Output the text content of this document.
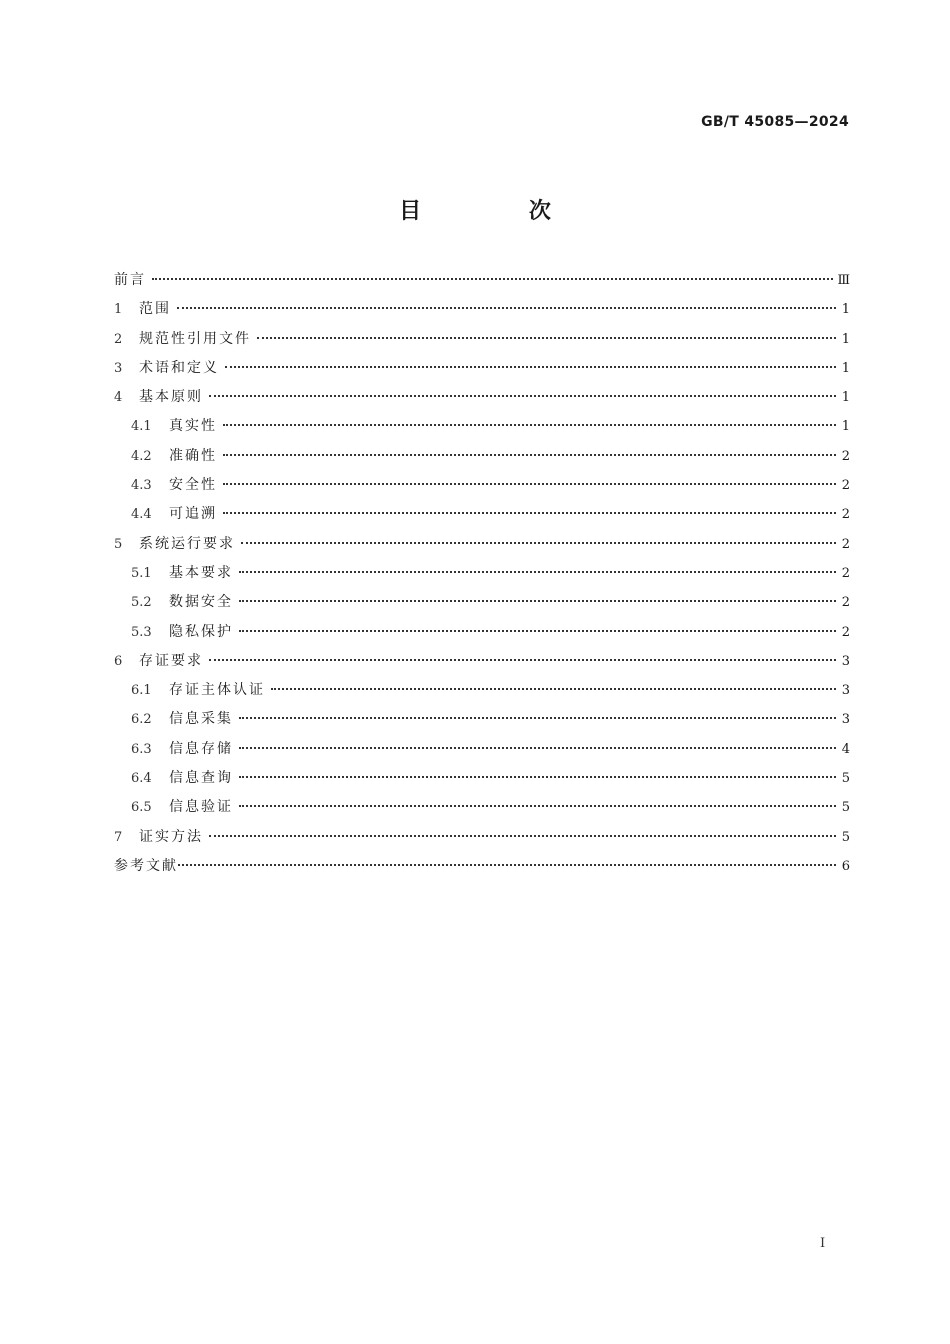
GB/T 45085—2024
目 次
前言	Ⅲ
1	范围	1
2	规范性引用文件	1
3	术语和定义	1
4	基本原则	1
4.1	真实性	1
4.2	准确性	2
4.3	安全性	2
4.4	可追溯	2
5	系统运行要求	2
5.1	基本要求	2
5.2	数据安全	2
5.3	隐私保护	2
6	存证要求	3
6.1	存证主体认证	3
6.2	信息采集	3
6.3	信息存储	4
6.4	信息查询	5
6.5	信息验证	5
7	证实方法	5
参考文献	6
I
